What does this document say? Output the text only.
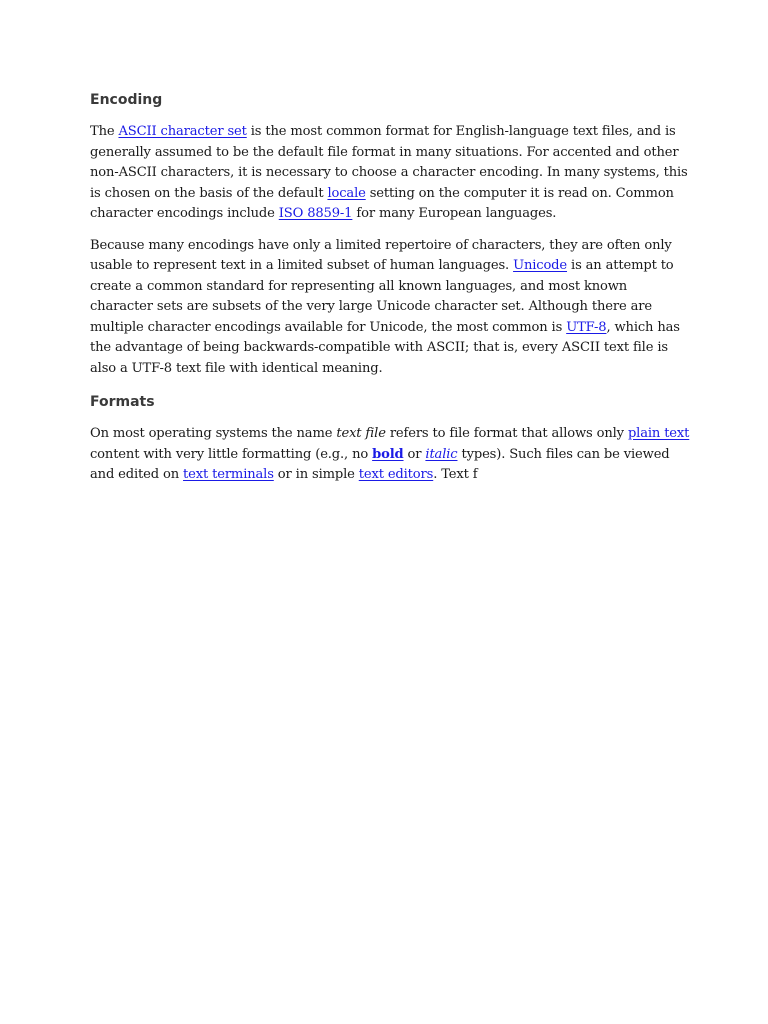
Encoding

The ASCII character set is the most common format for English-language text files, and is generally assumed to be the default file format in many situations. For accented and other non-ASCII characters, it is necessary to choose a character encoding. In many systems, this is chosen on the basis of the default locale setting on the computer it is read on. Common character encodings include ISO 8859-1 for many European languages.

Because many encodings have only a limited repertoire of characters, they are often only usable to represent text in a limited subset of human languages. Unicode is an attempt to create a common standard for representing all known languages, and most known character sets are subsets of the very large Unicode character set. Although there are multiple character encodings available for Unicode, the most common is UTF-8, which has the advantage of being backwards-compatible with ASCII; that is, every ASCII text file is also a UTF-8 text file with identical meaning.

Formats

On most operating systems the name text file refers to file format that allows only plain text content with very little formatting (e.g., no bold or italic types). Such files can be viewed and edited on text terminals or in simple text editors. Text f
